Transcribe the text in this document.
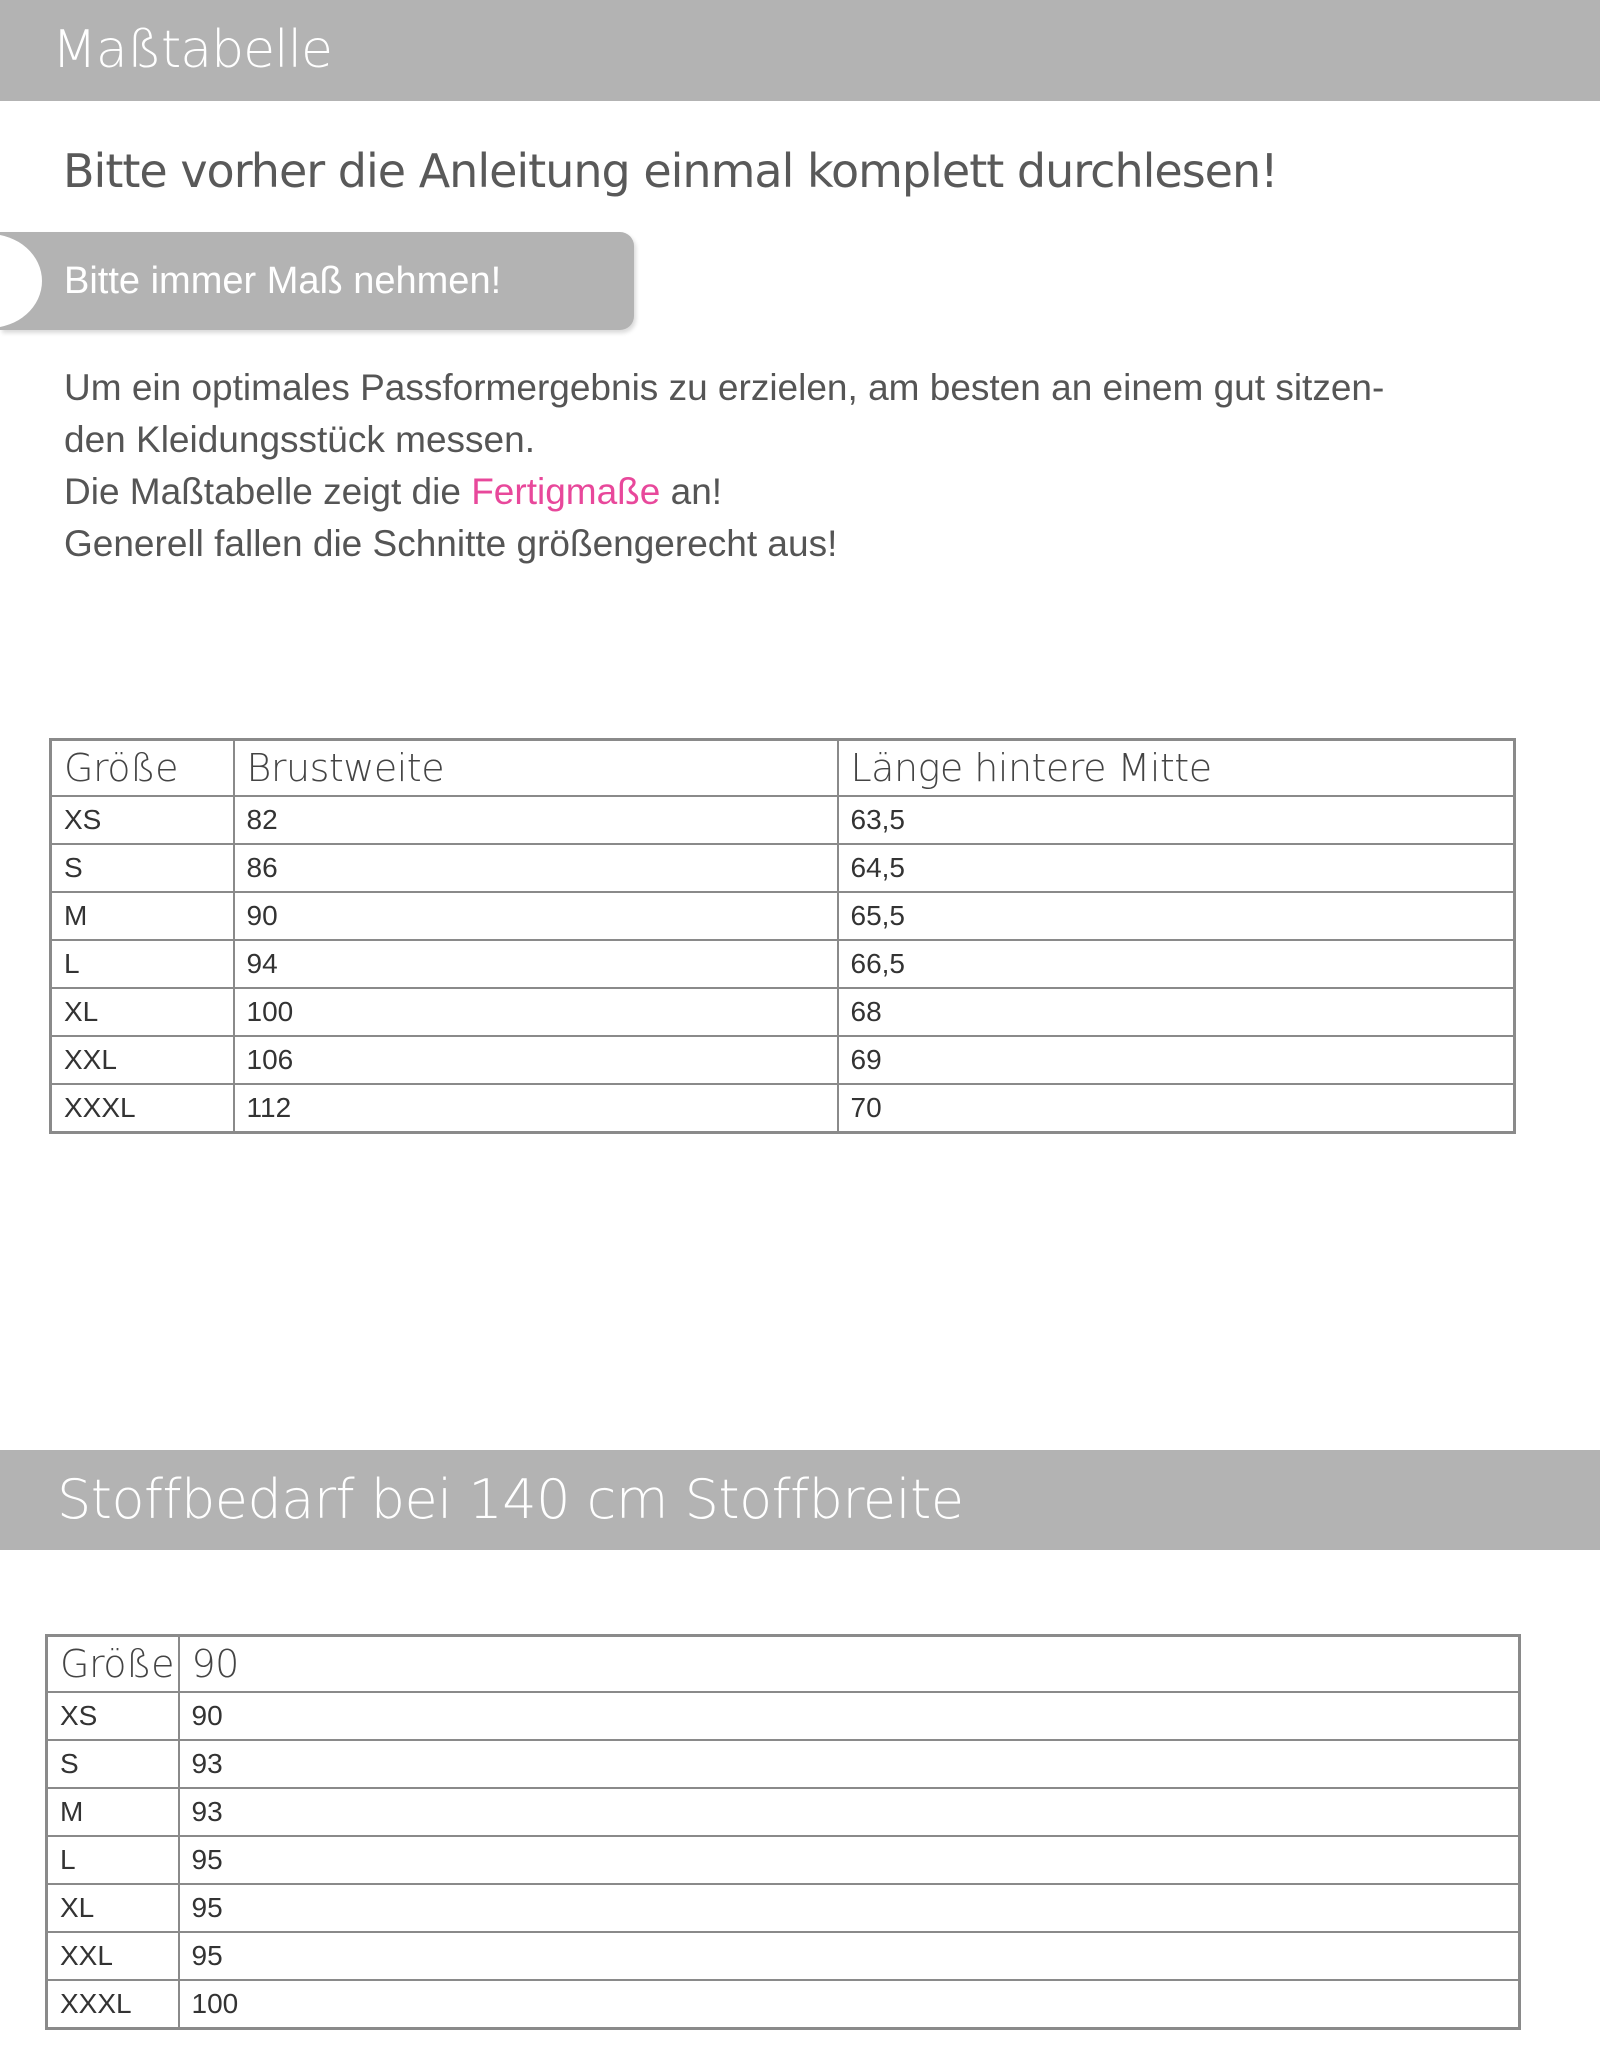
Maßtabelle
Bitte vorher die Anleitung einmal komplett durchlesen!
Bitte immer Maß nehmen!

Um ein optimales Passformergebnis zu erzielen, am besten an einem gut sitzen-

den Kleidungsstück messen.

Die Maßtabelle zeigt die Fertigmaße an!

Generell fallen die Schnitte größengerecht aus!

Größe	Brustweite	Länge hintere Mitte
XS	82	63,5
S	86	64,5
M	90	65,5
L	94	66,5
XL	100	68
XXL	106	69
XXXL	112	70
Stoffbedarf bei 140 cm Stoffbreite
Größe	90
XS	90
S	93
M	93
L	95
XL	95
XXL	95
XXXL	100
